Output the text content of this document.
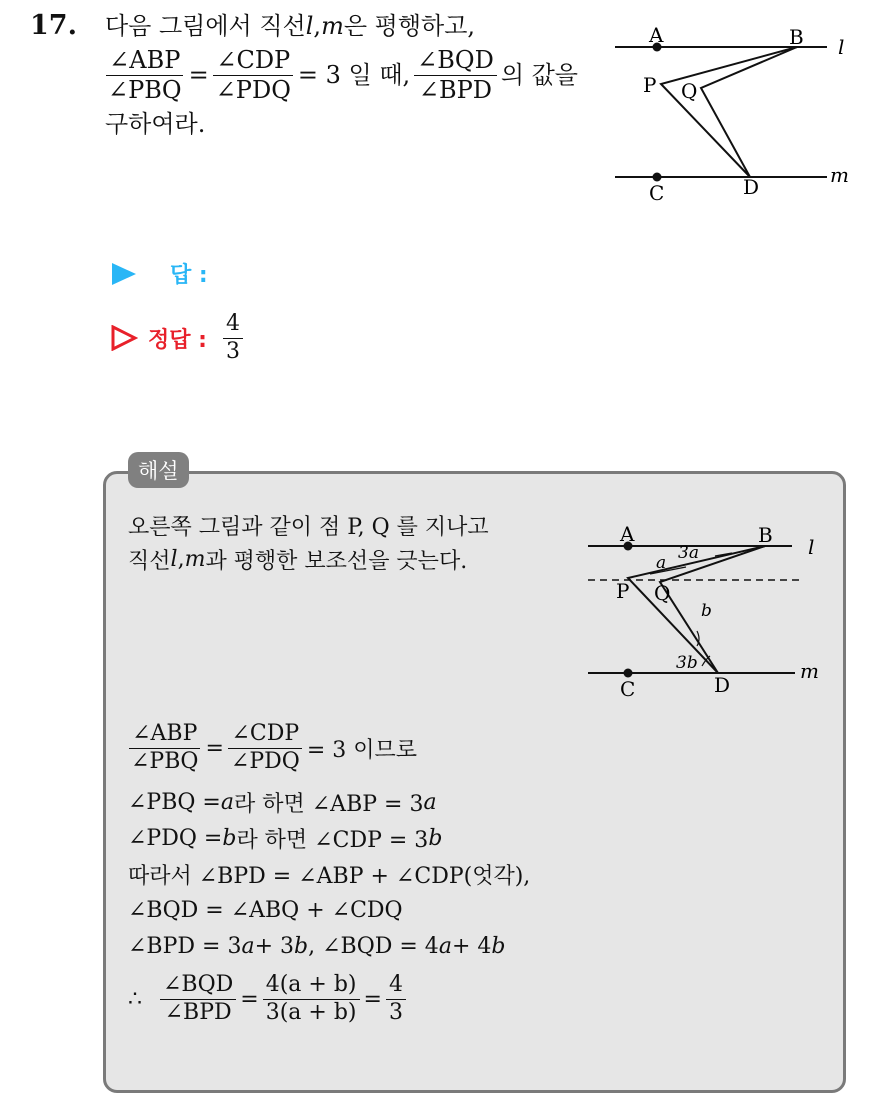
17. 다음 그림에서 직선 l , m 은 평행하고,
$\frac{\text{∠ABP}}{\text{∠PBQ}} = \frac{\text{∠CDP}}{\text{∠PDQ}} = 3$ 일 때, $\frac{\text{∠BQD}}{\text{∠BPD}}$ 의 값을
구하여라.
A	B l
P Q
C	D	m
답 :
정답 : $\frac{4}{3}$
해설
오른쪽 그림과 같이 점 P, Q 를 지나고
직선 l , m 과 평행한 보조선을 긋는다.
A	B l
P Q
a 3a
b
3b
C	D
m
$\frac{\text{∠ABP}}{\text{∠PBQ}} = \frac{\text{∠CDP}}{\text{∠PDQ}} = 3$ 이므로
∠PBQ = a 라 하면 ∠ABP = 3 a
∠PDQ = b 라 하면 ∠CDP = 3 b
따라서 ∠BPD = ∠ABP + ∠CDP(엇각),
∠BQD = ∠ABQ + ∠CDQ
∠BPD = 3 a + 3 b , ∠BQD = 4 a + 4 b
∴ $\frac{\text{∠BQD}}{\text{∠BPD}} = \frac{4(a + b)}{3(a + b)} = \frac{4}{3}$
